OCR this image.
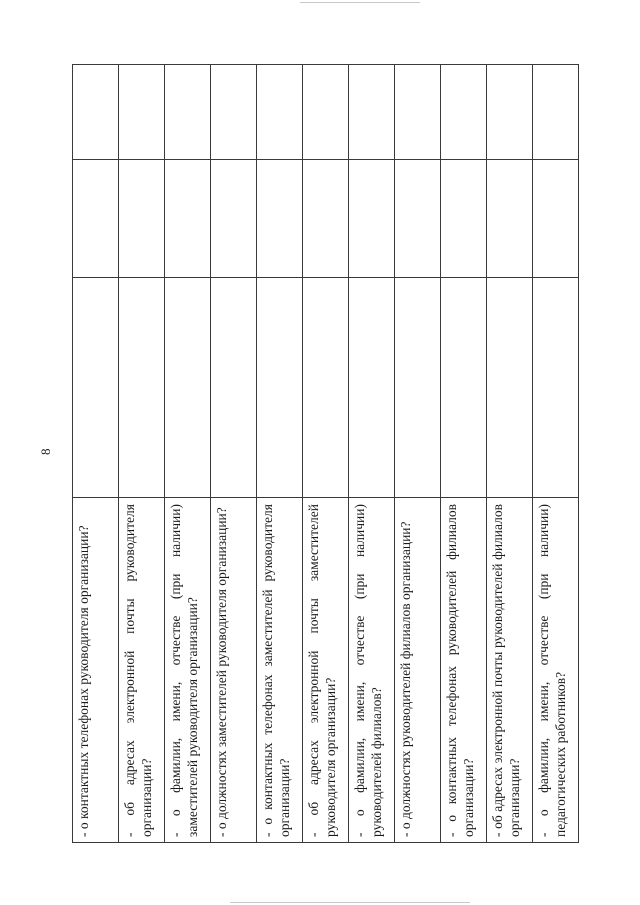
8
- о контактных телефонах руководителя организации?			
- об адресах электронной почты руководителя организации?			
- о фамилии, имени, отчестве (при наличии) заместителей руководителя организации?			
- о должностях заместителей руководителя организации?			
- о контактных телефонах заместителей руководителя организации?			
- об адресах электронной почты заместителей руководителя организации?			
- о фамилии, имени, отчестве (при наличии) руководителей филиалов?			
- о должностях руководителей филиалов организации?			
- о контактных телефонах руководителей филиалов организации?			
- об адресах электронной почты руководителей филиалов организации?			
- о фамилии, имени, отчестве (при наличии) педагогических работников?			
